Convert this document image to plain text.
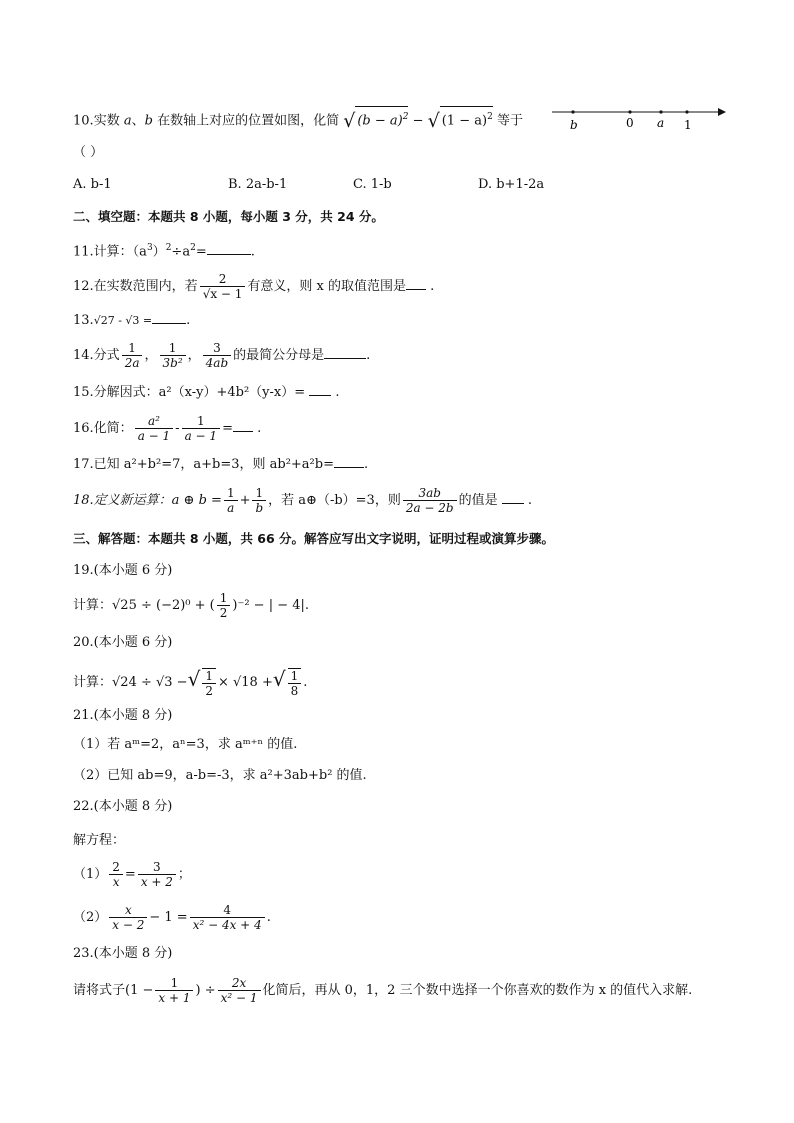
10.实数 a、b 在数轴上对应的位置如图，化简 √ $(b - a)^2$ − √ $(1 - a)^2$ 等于	b	0 a 1
（ ）
A. b-1	B. 2a-b-1	C. 1-b	D. b+1-2a
二、填空题：本题共 8 小题，每小题 3 分，共 24 分。
11.计算：$(a^3)^2\div a^2=$	.
12.在实数范围内，若 $\frac{2}{√x - 1}$ 有意义，则 x 的取值范围是 .
13.√27 - √3 =	.
14.分式 $\frac{1}{2a}$ ， $\frac{1}{\text{3b²}}$ ， $\frac{3}{4ab}$ 的最简公分母是	.
15.分解因式：a²（x-y）+4b²（y-x）= .
16.化简： $\frac{\text{a²}}{a - 1} - \frac{1}{a - 1}$ = .
17.已知 a²+b²=7，a+b=3，则 ab²+a²b= .
18.定义新运算：a ⊕ $b = \frac{1}{a} + \frac{1}{b}$ ，若 a⊕（-b）=3，则 $\frac{3ab}{2a - 2b}$ 的值是 .
三、解答题：本题共 8 小题，共 66 分。解答应写出文字说明，证明过程或演算步骤。
19.(本小题 6 分)
计算：√25 ÷ (−2)⁰ + ( $\frac{1}{2} )^{-2}$ − | − 4|.
20.(本小题 6 分)
计算：√24 ÷ √3 −√ $\frac{1}{2} \times √18$ +√ $\frac{1}{8}$ .
21.(本小题 8 分)
（1）若 aᵐ=2，aⁿ=3，求 aᵐ⁺ⁿ 的值.
（2）已知 ab=9，a-b=-3，求 a²+3ab+b² 的值.
22.(本小题 8 分)
解方程：
$(1) \frac{2}{x} = \frac{3}{x + 2}$ ；
$(2) \frac{x}{x - 2} - 1 = \frac{4}{\text{x² − 4x + 4}}$ .
23.(本小题 8 分)
请将式子($1 - \frac{1}{x + 1}$ ) ÷ $\frac{2x}{\text{x² − 1}}$ 化简后，再从 0，1，2 三个数中选择一个你喜欢的数作为 x 的值代入求解.
